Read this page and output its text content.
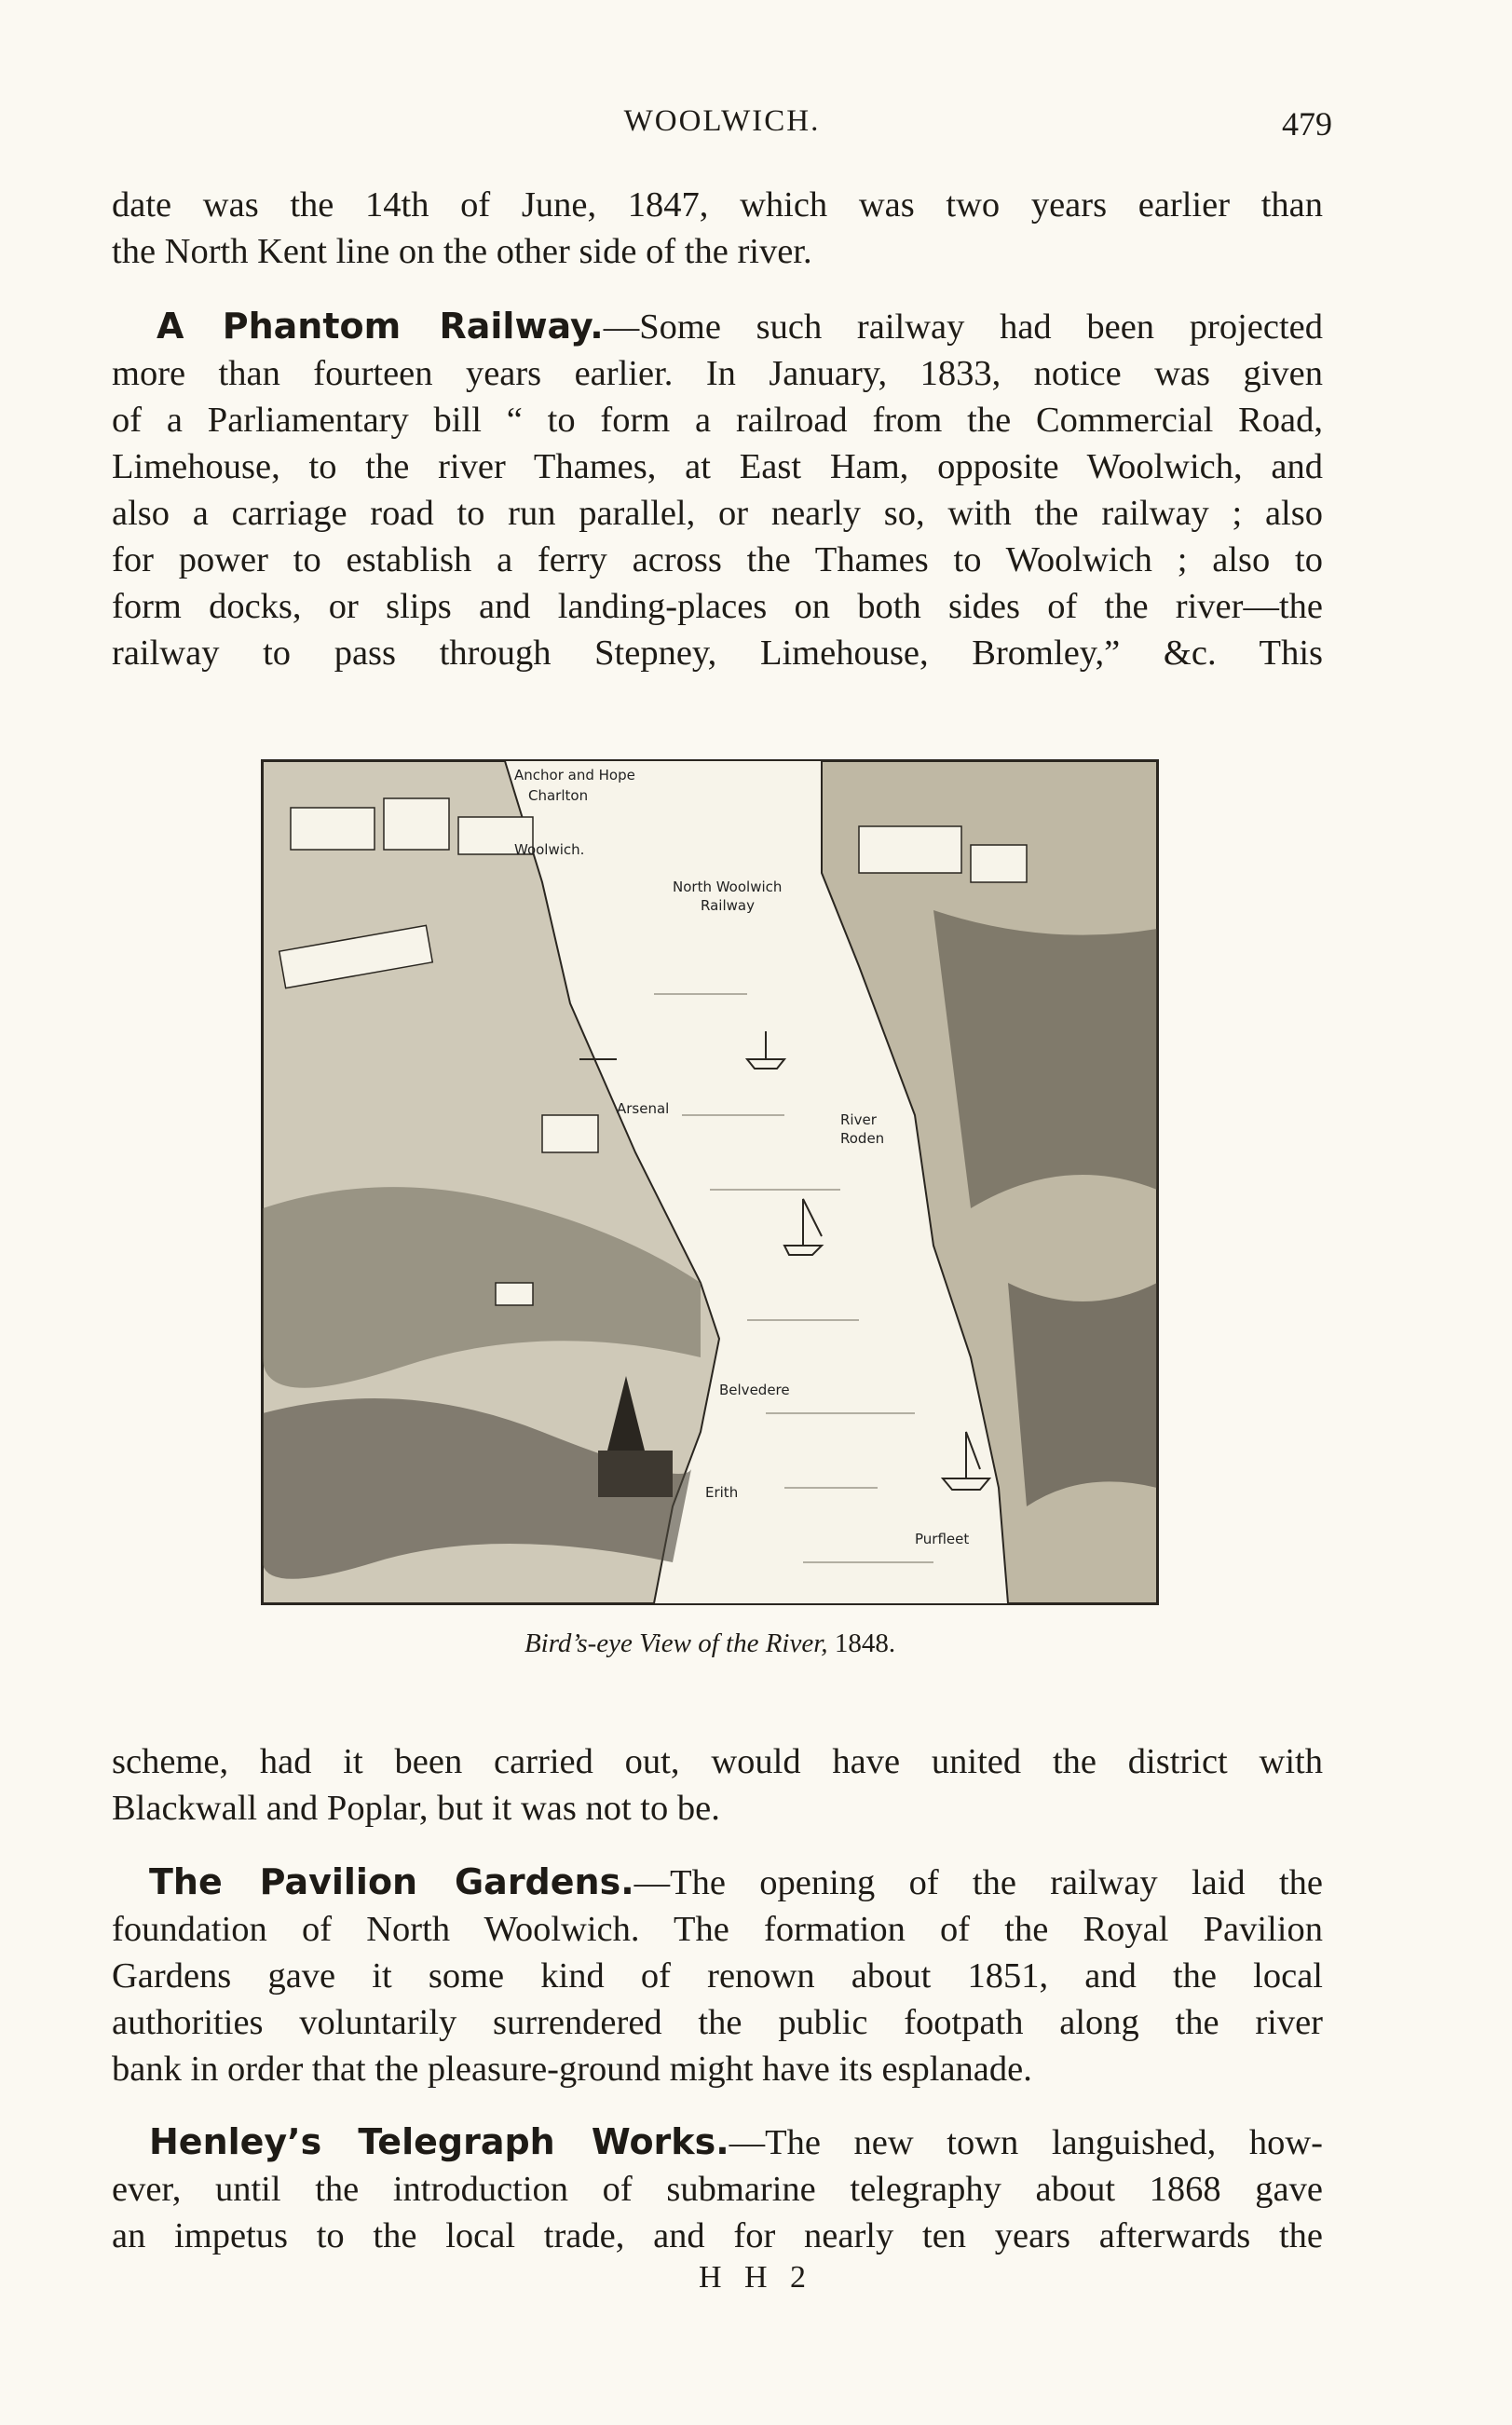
WOOLWICH.	479
date was the 14th of June, 1847, which was two years earlier than
the North Kent line on the other side of the river.
A Phantom Railway.—Some such railway had been projected
more than fourteen years earlier. In January, 1833, notice was given
of a Parliamentary bill “ to form a railroad from the Commercial Road,
Limehouse, to the river Thames, at East Ham, opposite Woolwich, and
also a carriage road to run parallel, or nearly so, with the railway ; also
for power to establish a ferry across the Thames to Woolwich ; also to
form docks, or slips and landing-places on both sides of the river—the
railway to pass through Stepney, Limehouse, Bromley,” &c. This
Anchor and Hope
Charlton
Woolwich.
North Woolwich
Railway
Arsenal
River
Roden
Belvedere
Erith
Purfleet
Bird’s-eye View of the River, 1848.
scheme, had it been carried out, would have united the district with
Blackwall and Poplar, but it was not to be.
The Pavilion Gardens.—The opening of the railway laid the
foundation of North Woolwich. The formation of the Royal Pavilion
Gardens gave it some kind of renown about 1851, and the local
authorities voluntarily surrendered the public footpath along the river
bank in order that the pleasure-ground might have its esplanade.
Henley’s Telegraph Works.—The new town languished, how-
ever, until the introduction of submarine telegraphy about 1868 gave
an impetus to the local trade, and for nearly ten years afterwards the
H H 2
